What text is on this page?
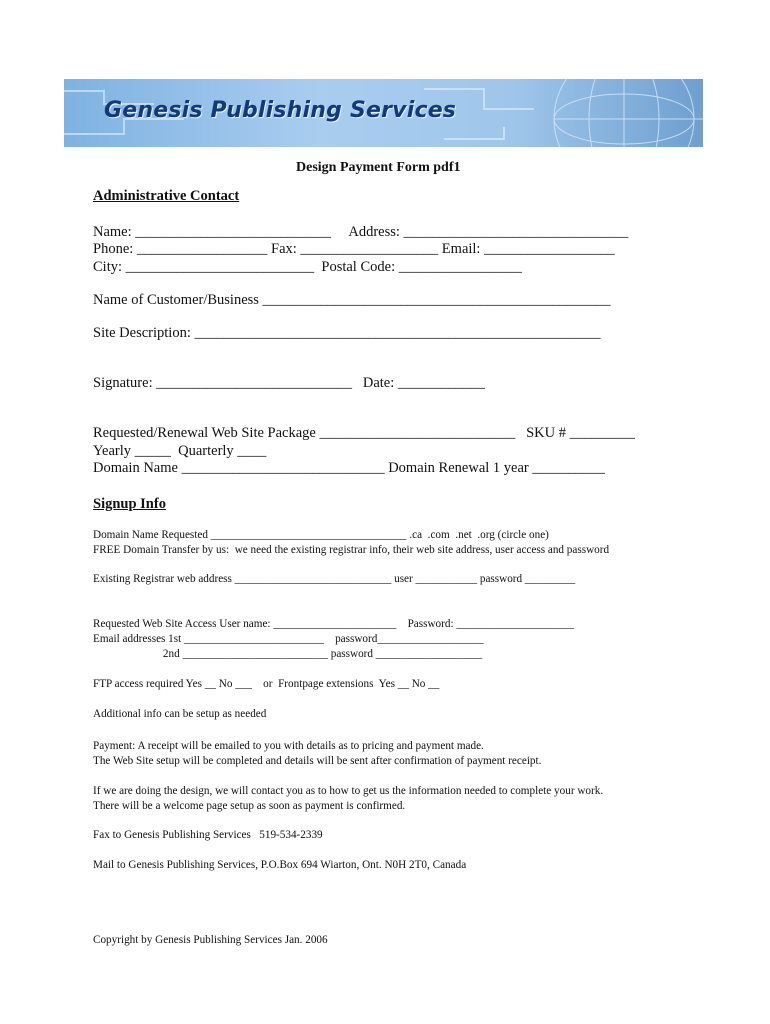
Genesis Publishing Services
Design Payment Form pdf1
Administrative Contact
Name: ___________________________     Address: _______________________________
Phone: __________________ Fax: ___________________ Email: __________________
City: __________________________  Postal Code: _________________
Name of Customer/Business ________________________________________________
Site Description: ________________________________________________________
Signature: ___________________________   Date: ____________
Requested/Renewal Web Site Package ___________________________   SKU # _________
Yearly _____  Quarterly ____
Domain Name ____________________________ Domain Renewal 1 year __________
Signup Info
Domain Name Requested ___________________________________ .ca  .com  .net  .org (circle one)
FREE Domain Transfer by us:  we need the existing registrar info, their web site address, user access and password
Existing Registrar web address ____________________________ user ___________ password _________
Requested Web Site Access User name: ______________________    Password: _____________________
Email addresses 1st _________________________    password___________________
2nd __________________________ password ___________________
FTP access required Yes __ No ___    or  Frontpage extensions  Yes __ No __
Additional info can be setup as needed
Payment: A receipt will be emailed to you with details as to pricing and payment made.
The Web Site setup will be completed and details will be sent after confirmation of payment receipt.
If we are doing the design, we will contact you as to how to get us the information needed to complete your work.
There will be a welcome page setup as soon as payment is confirmed.
Fax to Genesis Publishing Services   519-534-2339
Mail to Genesis Publishing Services, P.O.Box 694 Wiarton, Ont. N0H 2T0, Canada
Copyright by Genesis Publishing Services Jan. 2006
